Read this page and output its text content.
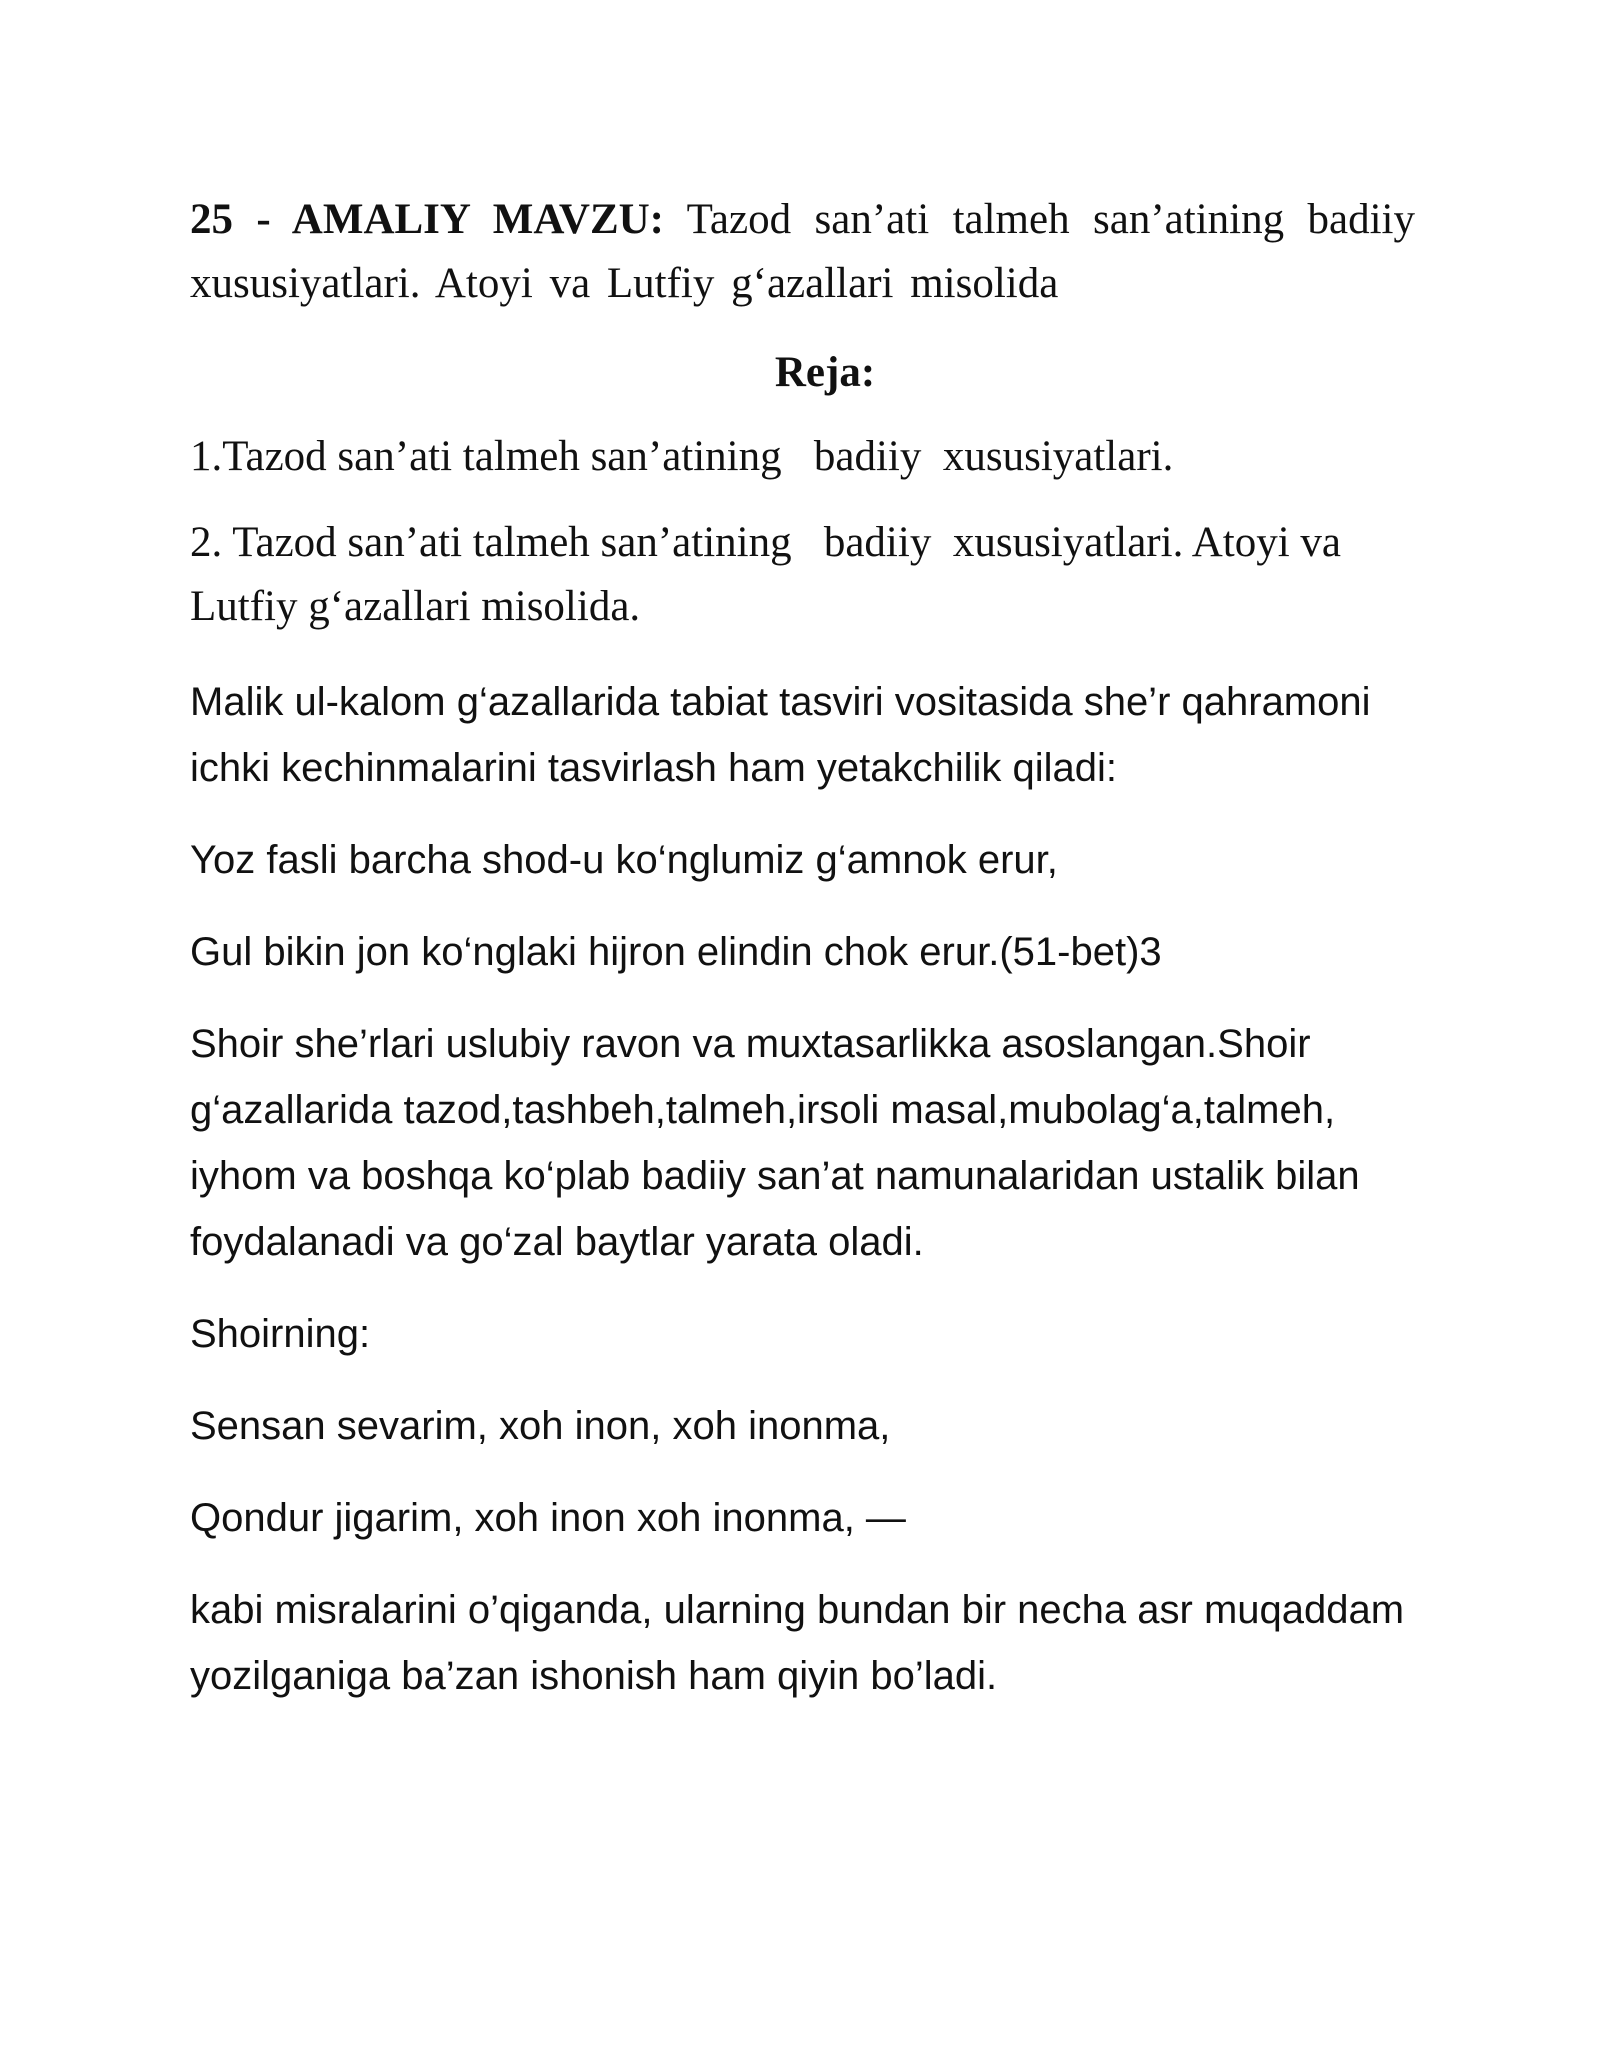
25 - AMALIY MAVZU: Tazod san’ati talmeh san’atining badiiy xususiyatlari. Atoyi va Lutfiy g‘azallari misolida

Reja:

1.Tazod san’ati talmeh san’atining   badiiy  xususiyatlari.

2. Tazod san’ati talmeh san’atining   badiiy  xususiyatlari. Atoyi va Lutfiy g‘azallari misolida.

Malik ul-kalom g‘azallarida tabiat tasviri vositasida she’r qahramoni ichki kechinmalarini tasvirlash ham yetakchilik qiladi:

Yoz fasli barcha shod-u ko‘nglumiz g‘amnok erur,

Gul bikin jon ko‘nglaki hijron elindin chok erur.(51-bet)3

Shoir she’rlari uslubiy ravon va muxtasarlikka asoslangan.Shoir g‘azallarida tazod,tashbeh,talmeh,irsoli masal,mubolag‘a,talmeh, iyhom va boshqa ko‘plab badiiy san’at namunalaridan ustalik bilan foydalanadi va go‘zal baytlar yarata oladi.

Shoirning:

Sensan sevarim, xoh inon, xoh inonma,

Qondur jigarim, xoh inon xoh inonma, —

kabi misralarini o’qiganda, ularning bundan bir necha asr muqaddam yozilganiga ba’zan ishonish ham qiyin bo’ladi.
